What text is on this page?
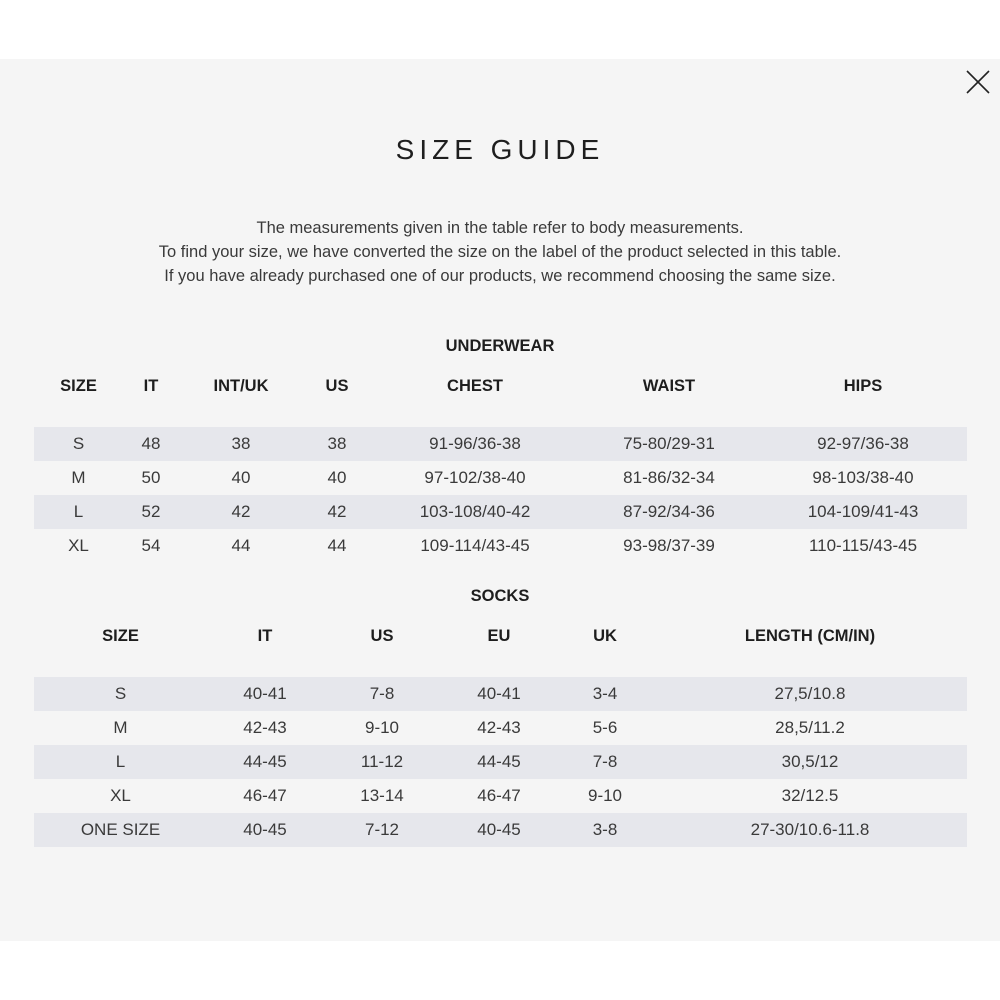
SIZE GUIDE
The measurements given in the table refer to body measurements.
To find your size, we have converted the size on the label of the product selected in this table.
If you have already purchased one of our products, we recommend choosing the same size.
UNDERWEAR
SIZE	IT	INT/UK	US	CHEST	WAIST	HIPS
S	48	38	38	91-96/36-38	75-80/29-31	92-97/36-38
M	50	40	40	97-102/38-40	81-86/32-34	98-103/38-40
L	52	42	42	103-108/40-42	87-92/34-36	104-109/41-43
XL	54	44	44	109-114/43-45	93-98/37-39	110-115/43-45
SOCKS
SIZE	IT	US	EU	UK	LENGTH (CM/IN)
S	40-41	7-8	40-41	3-4	27,5/10.8
M	42-43	9-10	42-43	5-6	28,5/11.2
L	44-45	11-12	44-45	7-8	30,5/12
XL	46-47	13-14	46-47	9-10	32/12.5
ONE SIZE	40-45	7-12	40-45	3-8	27-30/10.6-11.8
